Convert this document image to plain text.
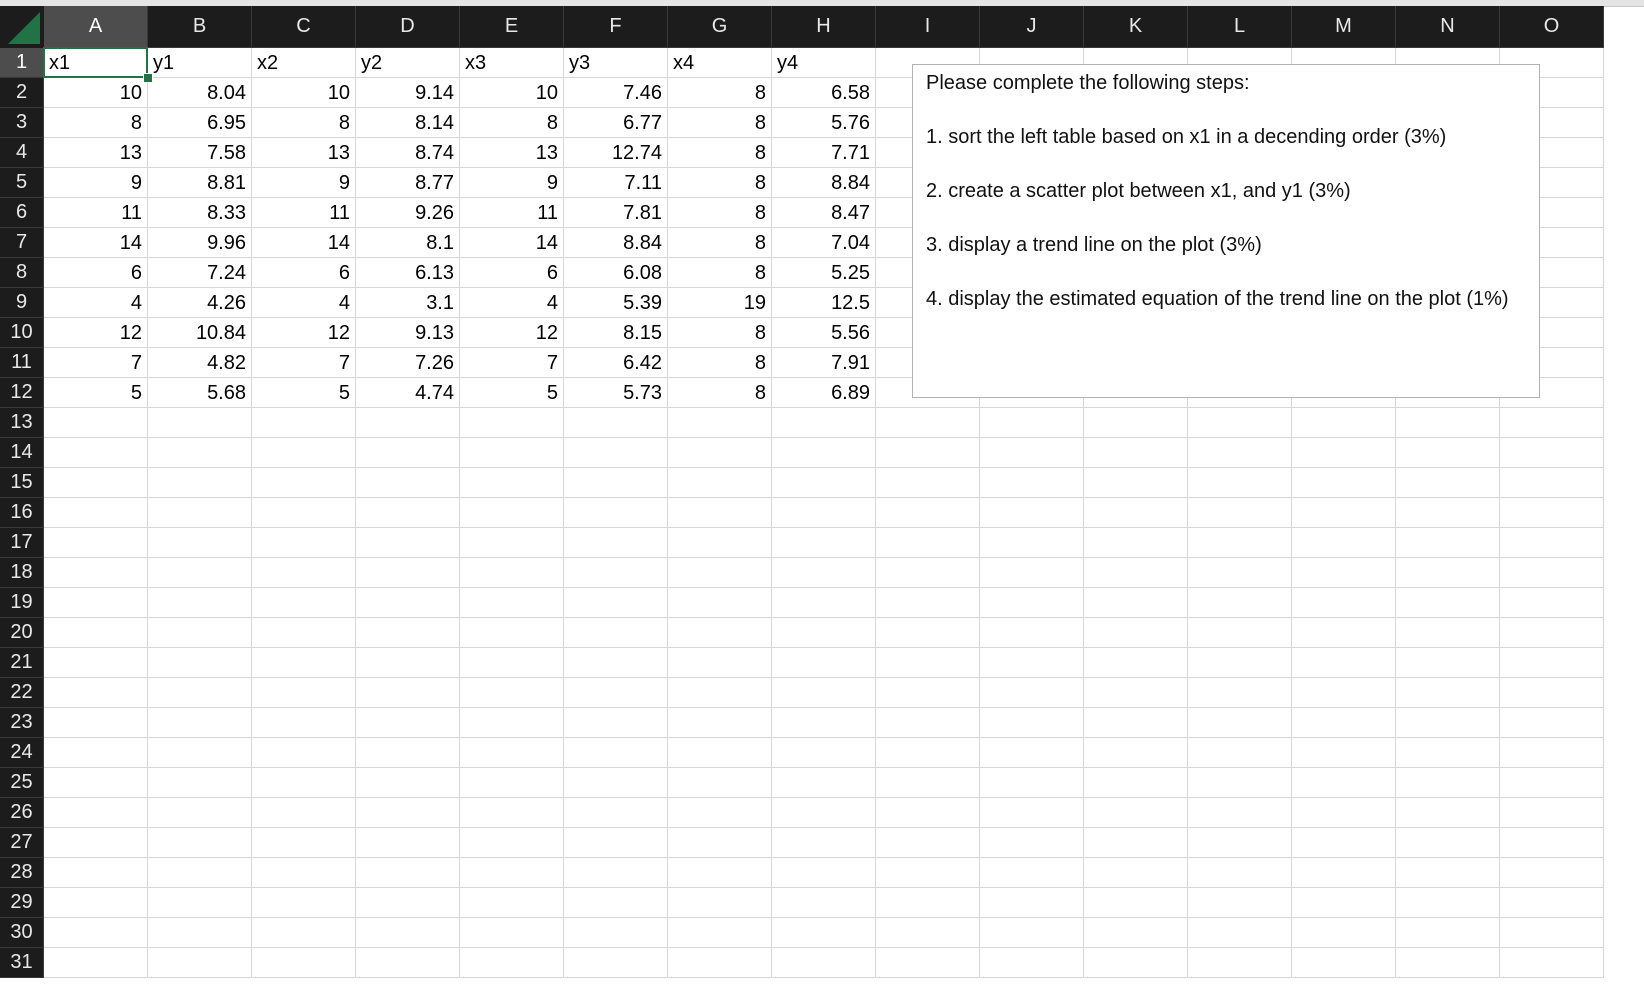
A	B	C	D	E	F	G	H	I	J	K	L	M	N	O
1
2
3
4
5
6
7
8
9
10
11
12
13
14
15
16
17
18
19
20
21
22
23
24
25
26
27
28
29
30
31
x1	y1	x2	y2	x3	y3	x4	y4
10	8.04	10	9.14	10	7.46	8	6.58
8	6.95	8	8.14	8	6.77	8	5.76
13	7.58	13	8.74	13	12.74	8	7.71
9	8.81	9	8.77	9	7.11	8	8.84
11	8.33	11	9.26	11	7.81	8	8.47
14	9.96	14	8.1	14	8.84	8	7.04
6	7.24	6	6.13	6	6.08	8	5.25
4	4.26	4	3.1	4	5.39	19	12.5
12	10.84	12	9.13	12	8.15	8	5.56
7	4.82	7	7.26	7	6.42	8	7.91
5	5.68	5	4.74	5	5.73	8	6.89

Please complete the following steps:

1. sort the left table based on x1 in a decending order (3%)

2. create a scatter plot between x1, and y1 (3%)

3. display a trend line on the plot (3%)

4. display the estimated equation of the trend line on the plot (1%)
